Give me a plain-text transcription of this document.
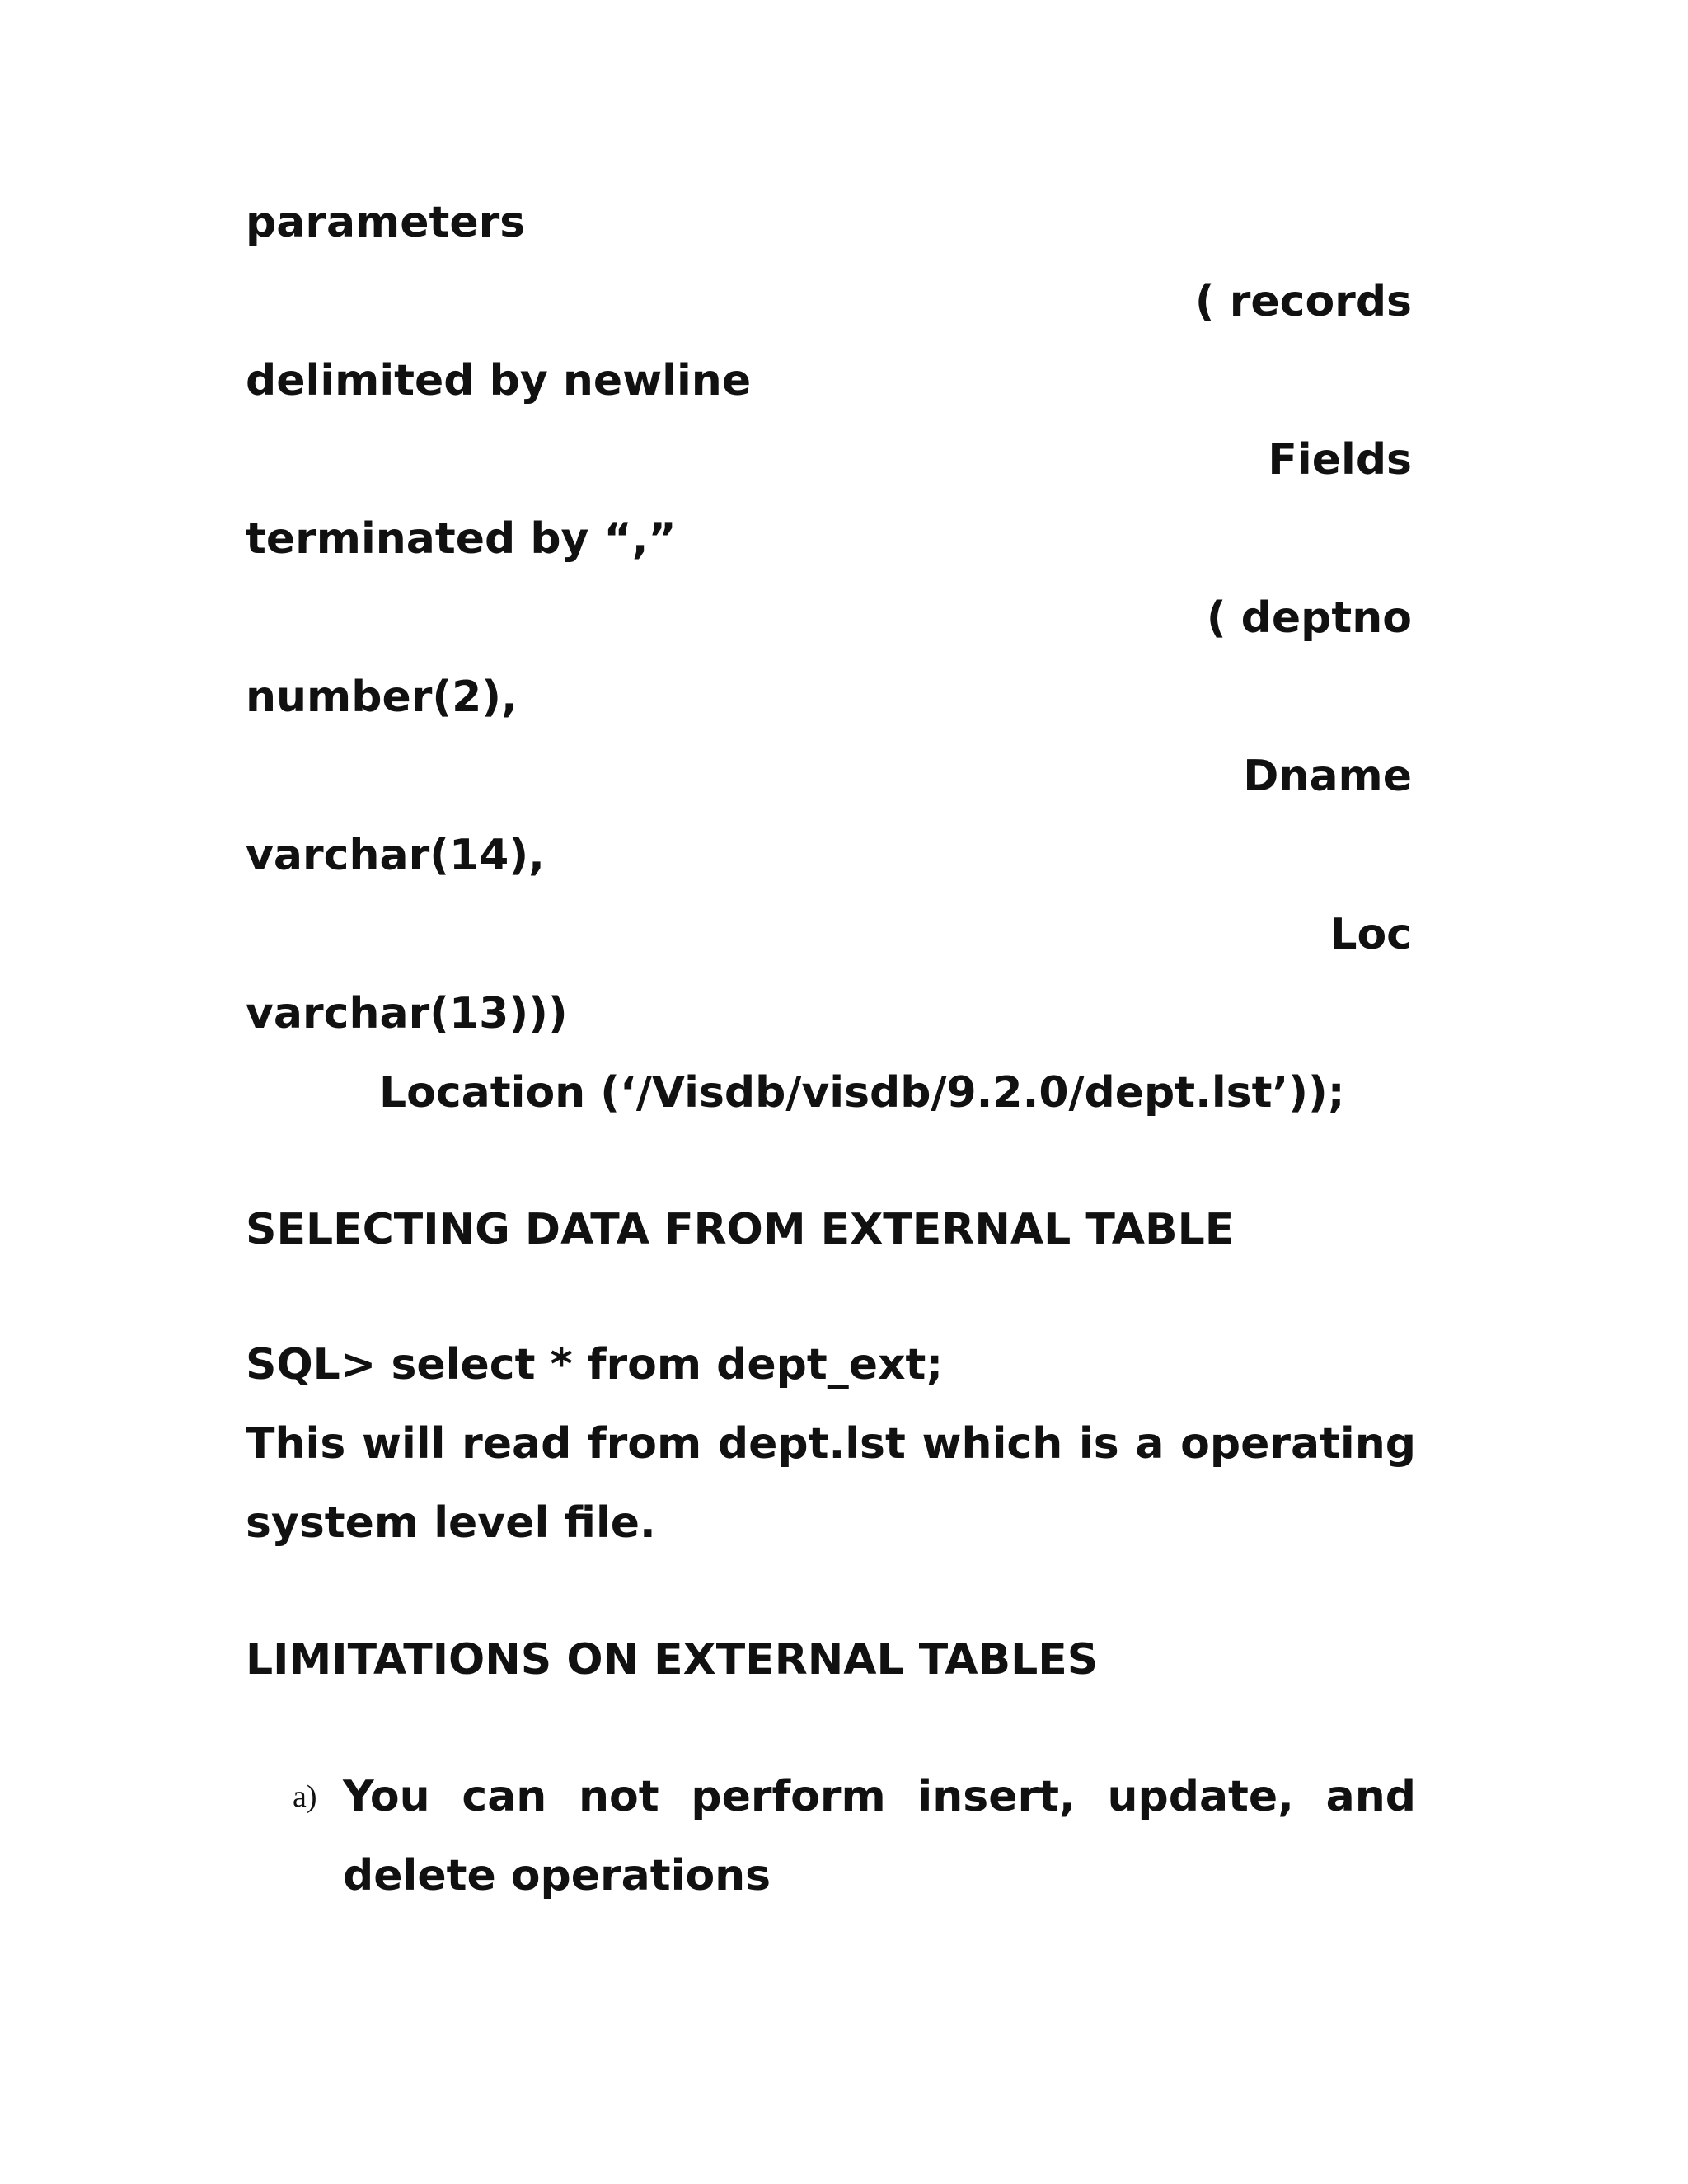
parameters
( records
delimited by newline
Fields
terminated by “,”
( deptno
number(2),
Dname
varchar(14),
Loc
varchar(13)))
Location (‘/Visdb/visdb/9.2.0/dept.lst’));
SELECTING DATA FROM EXTERNAL TABLE
SQL> select * from dept_ext;
This will read from dept.lst which is a operating
system level file.
LIMITATIONS ON EXTERNAL TABLES
a) You can not perform insert, update, and
delete operations
